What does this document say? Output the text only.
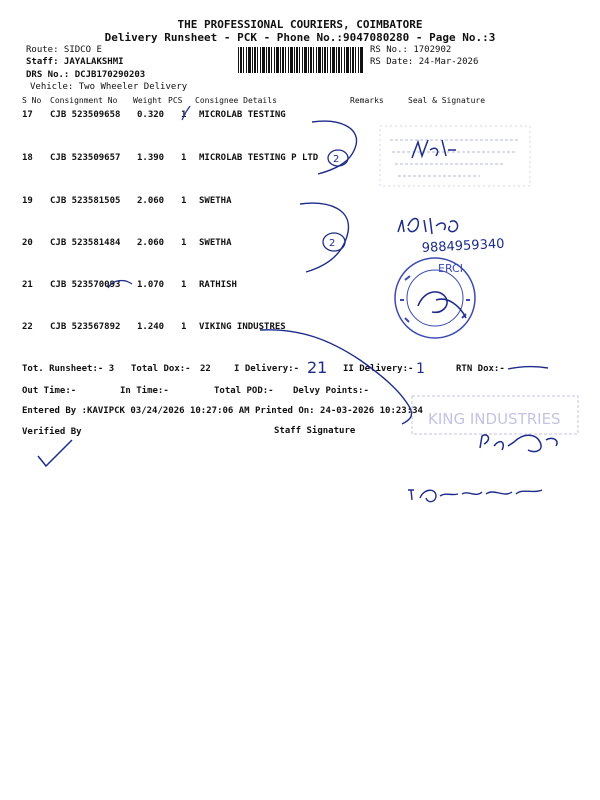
THE PROFESSIONAL COURIERS, COIMBATORE
Delivery Runsheet - PCK - Phone No.:9047080280 - Page No.:3
Route: SIDCO E
Staff: JAYALAKSHMI
DRS No.: DCJB170290203
Vehicle: Two Wheeler Delivery
RS No.: 1702902
RS Date: 24-Mar-2026
S No Consignment No Weight PCS Consignee Details	Remarks	Seal & Signature
17 CJB 523509658 0.320 1 MICROLAB TESTING
18 CJB 523509657 1.390 1 MICROLAB TESTING P LTD
19 CJB 523581505 2.060 1 SWETHA
20 CJB 523581484 2.060 1 SWETHA
21 CJB 523570093 1.070 1 RATHISH
22 CJB 523567892 1.240 1 VIKING INDUSTRES
Tot. Runsheet:- 3 Total Dox:- 22	I Delivery:-	II Delivery:-	RTN Dox:-
Out Time:-	In Time:-	Total POD:- Delvy Points:-
Entered By :KAVIPCK 03/24/2026 10:27:06 AM Printed On: 24-03-2026 10:23:34
Verified By	Staff Signature
2
2	9884959340
ERCI
21	1
KING INDUSTRIES
